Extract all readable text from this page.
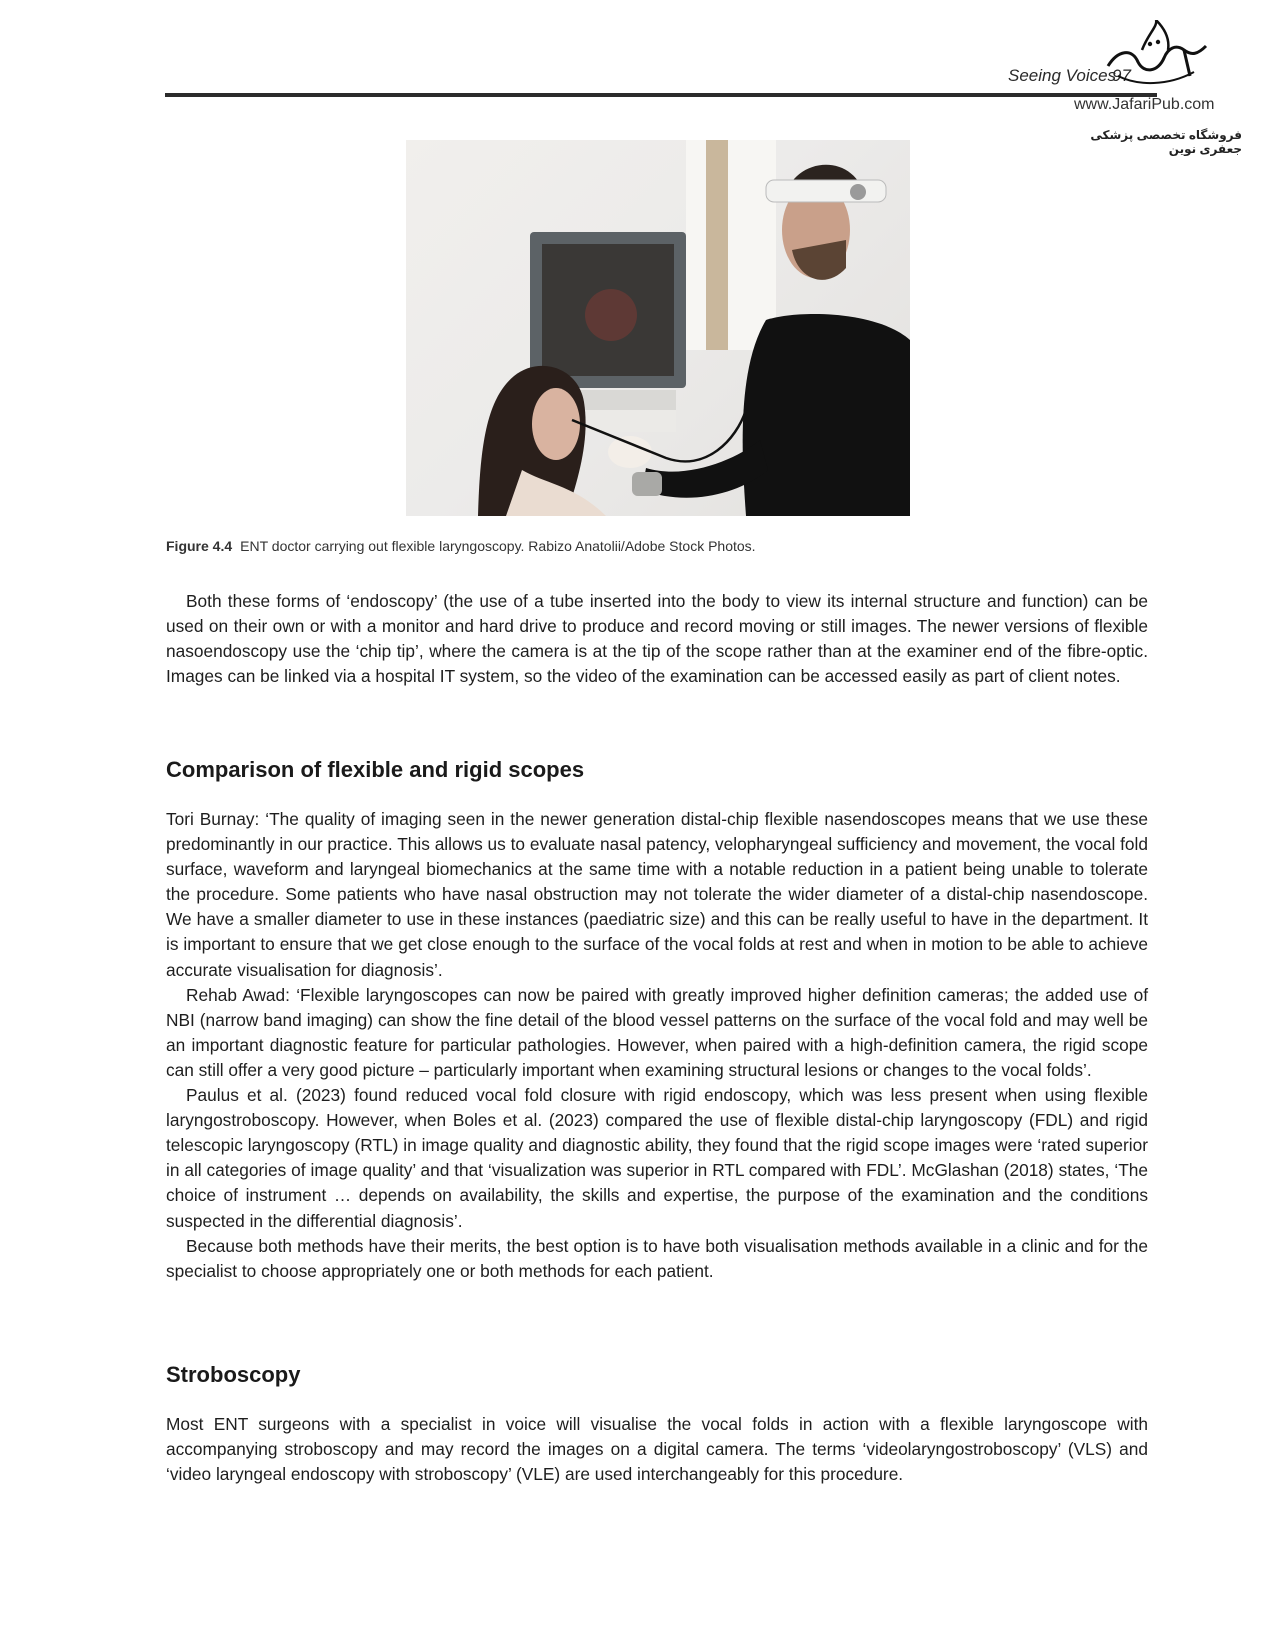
Seeing Voices
97
www.JafariPub.com
فروشگاه تخصصی پزشکی جعفری نوین
Figure 4.4 ENT doctor carrying out flexible laryngoscopy. Rabizo Anatolii/Adobe Stock Photos.

Both these forms of ‘endoscopy’ (the use of a tube inserted into the body to view its internal structure and function) can be used on their own or with a monitor and hard drive to produce and record moving or still images. The newer versions of flexible nasoendoscopy use the ‘chip tip’, where the camera is at the tip of the scope rather than at the examiner end of the fibre-optic. Images can be linked via a hospital IT system, so the video of the examination can be accessed easily as part of client notes.

Comparison of flexible and rigid scopes

Tori Burnay: ‘The quality of imaging seen in the newer generation distal-chip flexible nasendoscopes means that we use these predominantly in our practice. This allows us to evaluate nasal patency, velopharyngeal sufficiency and movement, the vocal fold surface, waveform and laryngeal biomechanics at the same time with a notable reduction in a patient being unable to tolerate the procedure. Some patients who have nasal obstruction may not tolerate the wider diameter of a distal-chip nasendoscope. We have a smaller diameter to use in these instances (paediatric size) and this can be really useful to have in the department. It is important to ensure that we get close enough to the surface of the vocal folds at rest and when in motion to be able to achieve accurate visualisation for diagnosis’.

Rehab Awad: ‘Flexible laryngoscopes can now be paired with greatly improved higher definition cameras; the added use of NBI (narrow band imaging) can show the fine detail of the blood vessel patterns on the surface of the vocal fold and may well be an important diagnostic feature for particular pathologies. However, when paired with a high-definition camera, the rigid scope can still offer a very good picture – particularly important when examining structural lesions or changes to the vocal folds’.

Paulus et al. (2023) found reduced vocal fold closure with rigid endoscopy, which was less present when using flexible laryngostroboscopy. However, when Boles et al. (2023) compared the use of flexible distal-chip laryngoscopy (FDL) and rigid telescopic laryngoscopy (RTL) in image quality and diagnostic ability, they found that the rigid scope images were ‘rated superior in all categories of image quality’ and that ‘visualization was superior in RTL compared with FDL’. McGlashan (2018) states, ‘The choice of instrument … depends on availability, the skills and expertise, the purpose of the examination and the conditions suspected in the differential diagnosis’.

Because both methods have their merits, the best option is to have both visualisation methods available in a clinic and for the specialist to choose appropriately one or both methods for each patient.

Stroboscopy

Most ENT surgeons with a specialist in voice will visualise the vocal folds in action with a flexible laryngoscope with accompanying stroboscopy and may record the images on a digital camera. The terms ‘videolaryngostroboscopy’ (VLS) and ‘video laryngeal endoscopy with stroboscopy’ (VLE) are used interchangeably for this procedure.
